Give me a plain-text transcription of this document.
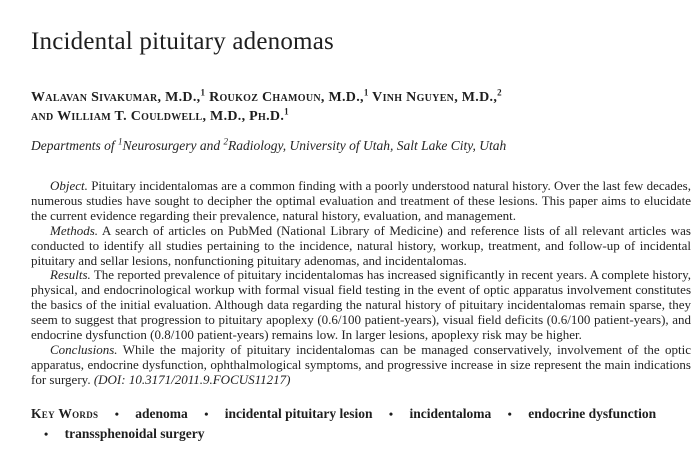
Incidental pituitary adenomas
Walavan Sivakumar, M.D.,$^1$ Roukoz Chamoun, M.D.,$^1$ Vinh Nguyen, M.D.,$^2$
and William T. Couldwell, M.D., Ph.D.$^1$

Departments of $^1$Neurosurgery and $^2$Radiology, University of Utah, Salt Lake City, Utah

Object. Pituitary incidentalomas are a common finding with a poorly understood natural history. Over the last few decades, numerous studies have sought to decipher the optimal evaluation and treatment of these lesions. This paper aims to elucidate the current evidence regarding their prevalence, natural history, evaluation, and management.

Methods. A search of articles on PubMed (National Library of Medicine) and reference lists of all relevant articles was conducted to identify all studies pertaining to the incidence, natural history, workup, treatment, and follow-up of incidental pituitary and sellar lesions, nonfunctioning pituitary adenomas, and incidentalomas.

Results. The reported prevalence of pituitary incidentalomas has increased significantly in recent years. A complete history, physical, and endocrinological workup with formal visual field testing in the event of optic apparatus involvement constitutes the basics of the initial evaluation. Although data regarding the natural history of pituitary incidentalomas remain sparse, they seem to suggest that progression to pituitary apoplexy (0.6/100 patient-years), visual field deficits (0.6/100 patient-years), and endocrine dysfunction (0.8/100 patient-years) remains low. In larger lesions, apoplexy risk may be higher.

Conclusions. While the majority of pituitary incidentalomas can be managed conservatively, involvement of the optic apparatus, endocrine dysfunction, ophthalmological symptoms, and progressive increase in size represent the main indications for surgery. (DOI: 10.3171/2011.9.FOCUS11217)

Key Words • adenoma • incidental pituitary lesion • incidentaloma • endocrine dysfunction • transsphenoidal surgery
